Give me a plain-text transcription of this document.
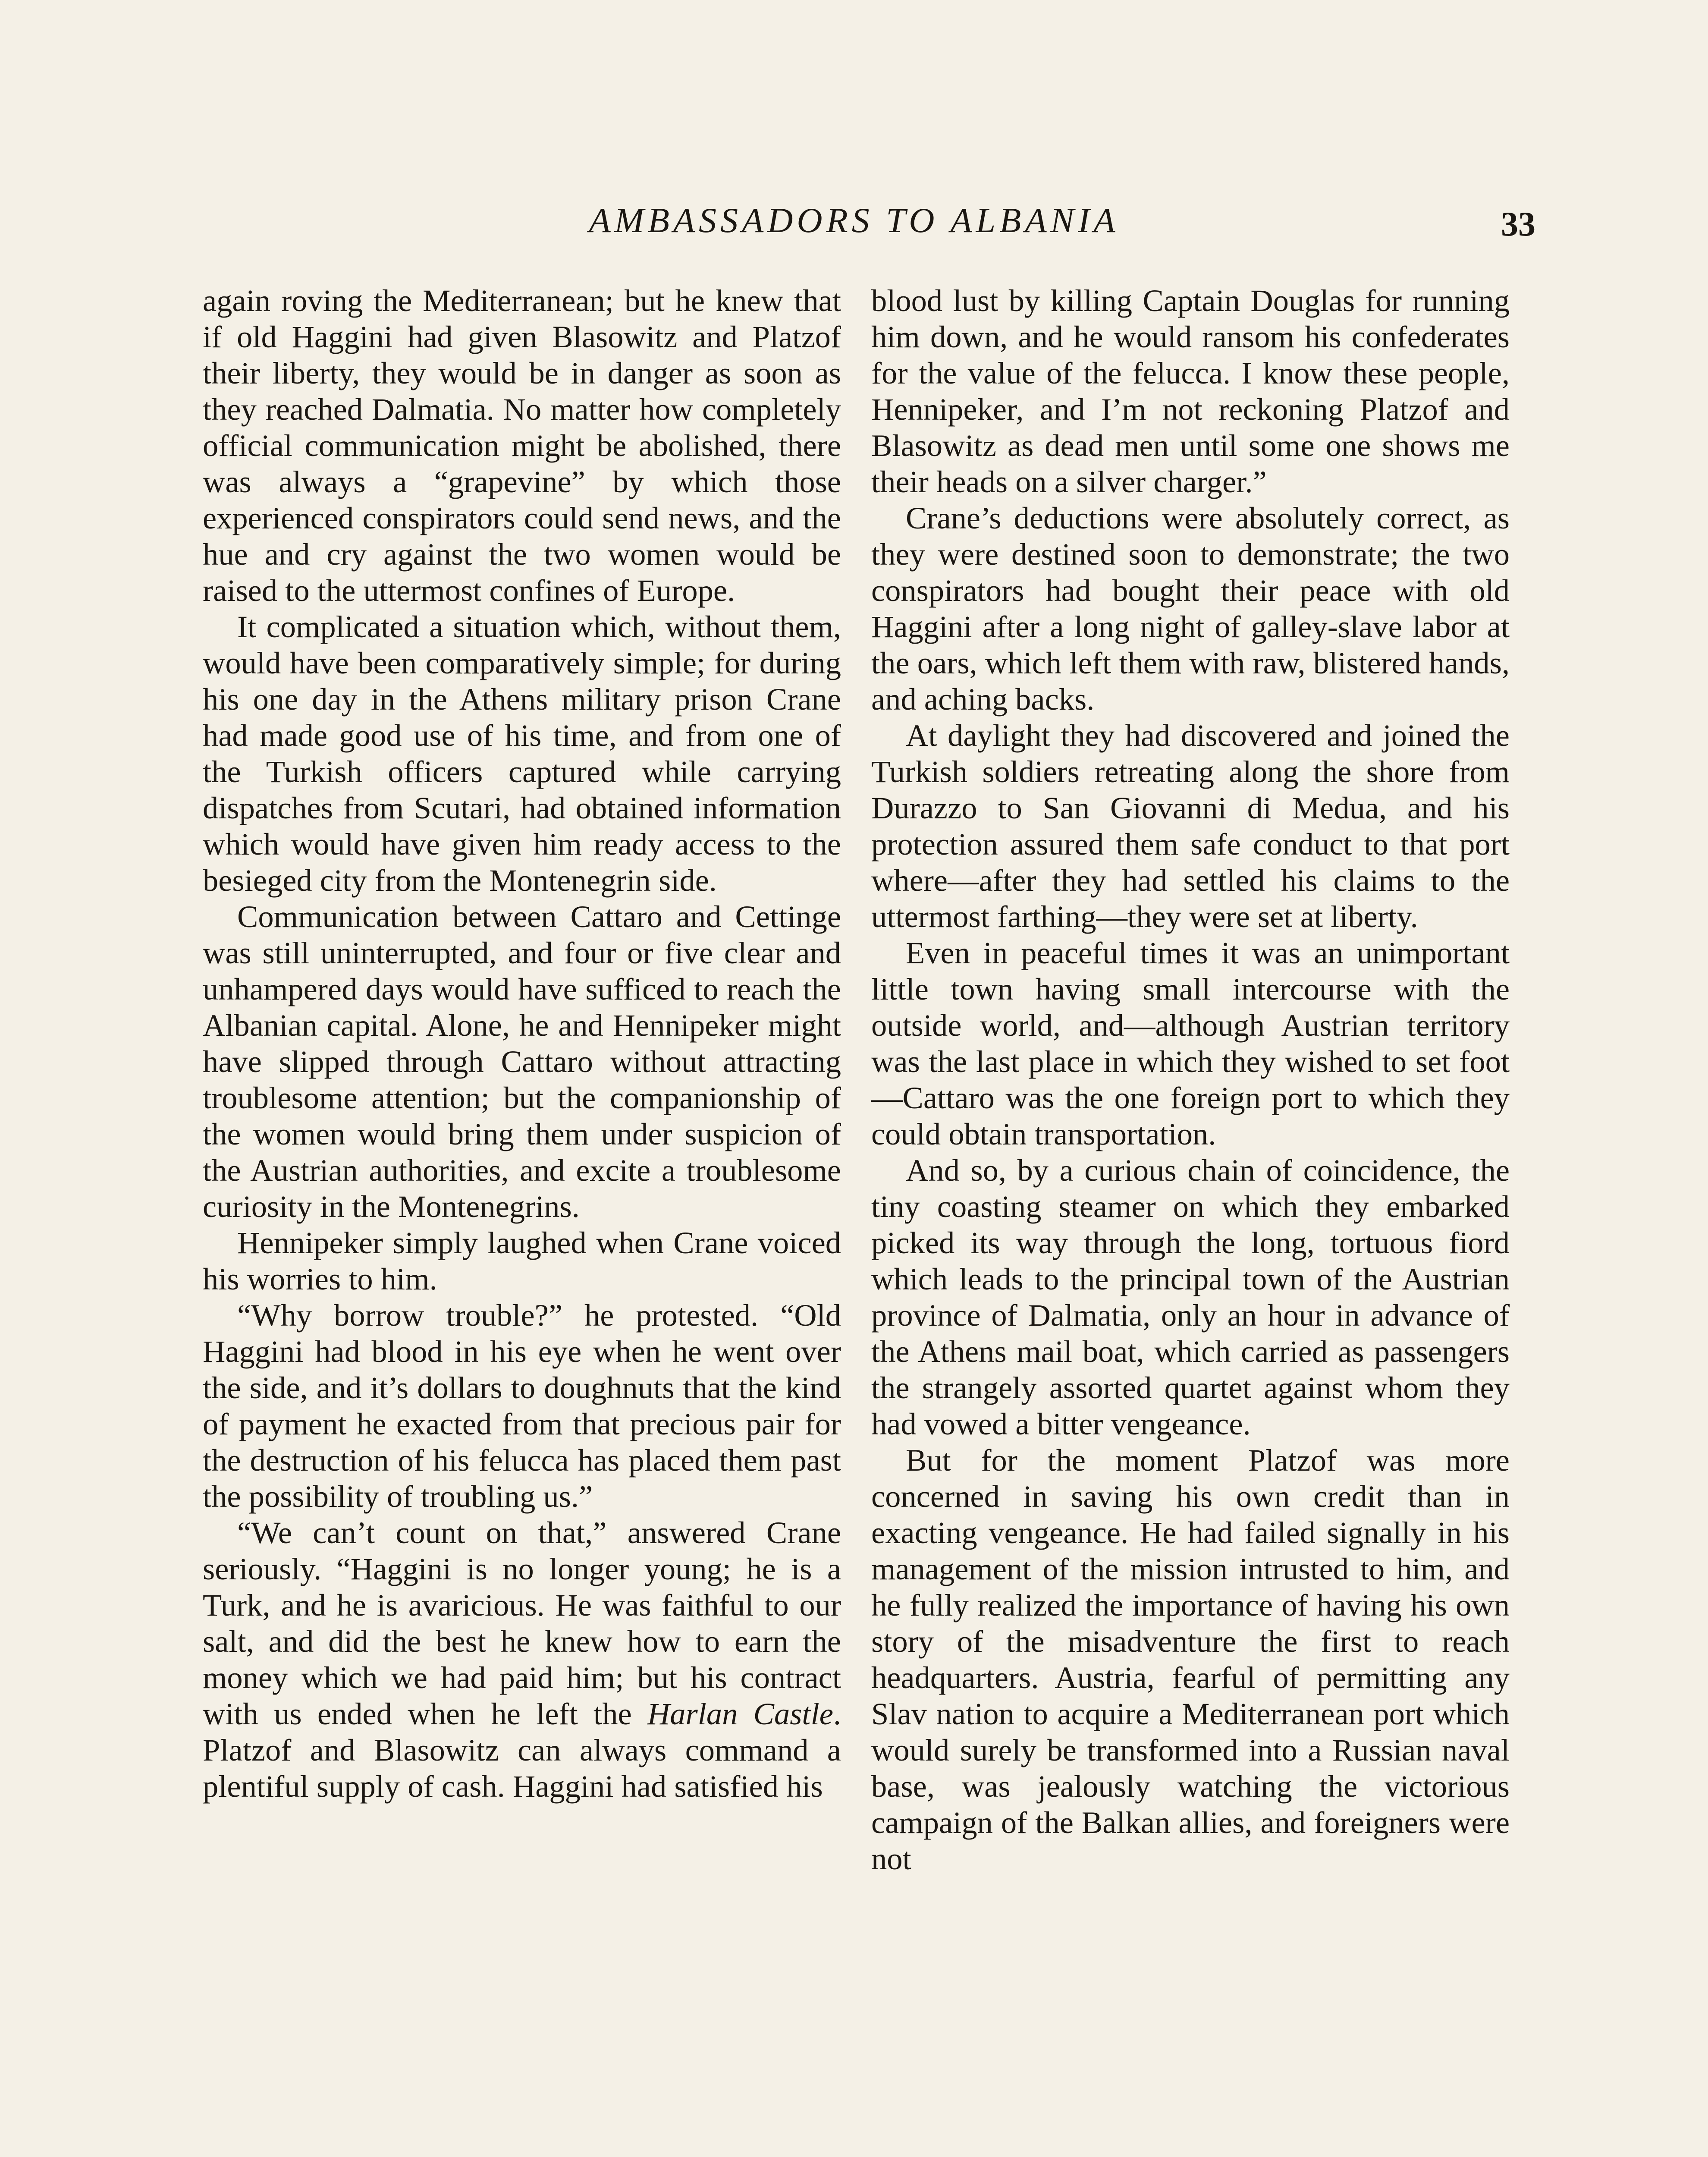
AMBASSADORS TO ALBANIA	33

again roving the Mediterranean; but he knew that if old Haggini had given Blasowitz and Platzof their liberty, they would be in danger as soon as they reached Dalmatia. No matter how completely official communication might be abolished, there was always a “grapevine” by which those experienced conspirators could send news, and the hue and cry against the two women would be raised to the uttermost confines of Europe.

It complicated a situation which, without them, would have been comparatively simple; for during his one day in the Athens military prison Crane had made good use of his time, and from one of the Turkish officers captured while carrying dispatches from Scutari, had obtained information which would have given him ready access to the besieged city from the Montenegrin side.

Communication between Cattaro and Cettinge was still uninterrupted, and four or five clear and unhampered days would have sufficed to reach the Albanian capital. Alone, he and Hennipeker might have slipped through Cattaro without attracting troublesome attention; but the companionship of the women would bring them under suspicion of the Austrian authorities, and excite a troublesome curiosity in the Montenegrins.

Hennipeker simply laughed when Crane voiced his worries to him.

“Why borrow trouble?” he protested. “Old Haggini had blood in his eye when he went over the side, and it’s dollars to doughnuts that the kind of payment he exacted from that precious pair for the destruction of his felucca has placed them past the possibility of troubling us.”

“We can’t count on that,” answered Crane seriously. “Haggini is no longer young; he is a Turk, and he is avaricious. He was faithful to our salt, and did the best he knew how to earn the money which we had paid him; but his contract with us ended when he left the Harlan Castle. Platzof and Blasowitz can always command a plentiful supply of cash. Haggini had satisfied his

blood lust by killing Captain Douglas for running him down, and he would ransom his confederates for the value of the felucca. I know these people, Hennipeker, and I’m not reckoning Platzof and Blasowitz as dead men until some one shows me their heads on a silver charger.”

Crane’s deductions were absolutely correct, as they were destined soon to demonstrate; the two conspirators had bought their peace with old Haggini after a long night of galley-slave labor at the oars, which left them with raw, blistered hands, and aching backs.

At daylight they had discovered and joined the Turkish soldiers retreating along the shore from Durazzo to San Giovanni di Medua, and his protection assured them safe conduct to that port where—after they had settled his claims to the uttermost farthing—they were set at liberty.

Even in peaceful times it was an unimportant little town having small intercourse with the outside world, and—although Austrian territory was the last place in which they wished to set foot—Cattaro was the one foreign port to which they could obtain transportation.

And so, by a curious chain of coincidence, the tiny coasting steamer on which they embarked picked its way through the long, tortuous fiord which leads to the principal town of the Austrian province of Dalmatia, only an hour in advance of the Athens mail boat, which carried as passengers the strangely assorted quartet against whom they had vowed a bitter vengeance.

But for the moment Platzof was more concerned in saving his own credit than in exacting vengeance. He had failed signally in his management of the mission intrusted to him, and he fully realized the importance of having his own story of the misadventure the first to reach headquarters. Austria, fearful of permitting any Slav nation to acquire a Mediterranean port which would surely be transformed into a Russian naval base, was jealously watching the victorious campaign of the Balkan allies, and foreigners were not
